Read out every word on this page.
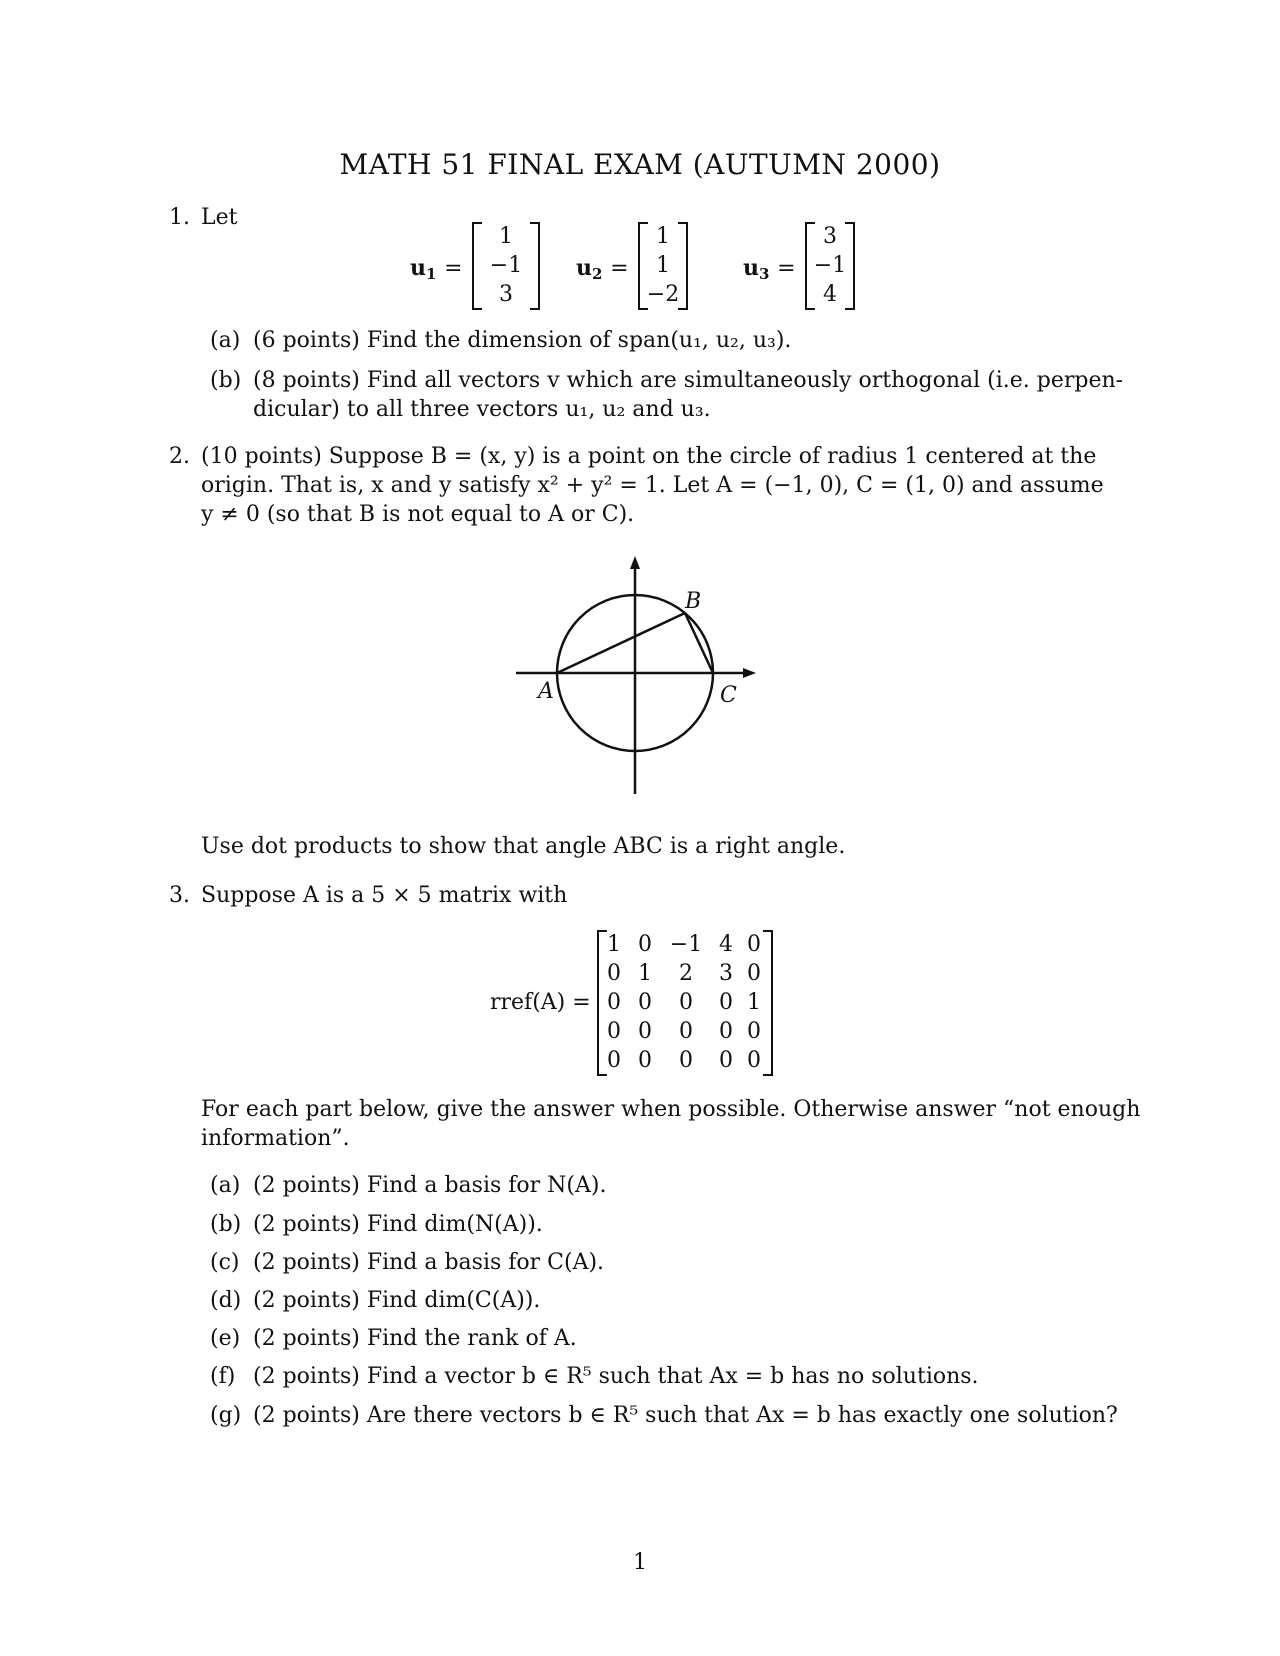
MATH 51 FINAL EXAM (AUTUMN 2000)
1. Let
$u_1$ =
1
−1
3
$u_2$ =
1
1
−2
$u_3$ =
3
−1
4
(a) (6 points) Find the dimension of span(u₁, u₂, u₃).
(b) (8 points) Find all vectors v which are simultaneously orthogonal (i.e. perpen-
dicular) to all three vectors u₁, u₂ and u₃.
2. (10 points) Suppose B = (x, y) is a point on the circle of radius 1 centered at the
origin. That is, x and y satisfy x² + y² = 1. Let A = (−1, 0), C = (1, 0) and assume
y ≠ 0 (so that B is not equal to A or C).
A
B
C
Use dot products to show that angle ABC is a right angle.
3. Suppose A is a 5 × 5 matrix with
rref(A) =
1 0 −1 4 0
0 1	2	3 0
0 0	0	0 1
0 0	0	0 0
0 0	0	0 0
For each part below, give the answer when possible. Otherwise answer “not enough
information”.
(a) (2 points) Find a basis for N(A).
(b) (2 points) Find dim(N(A)).
(c) (2 points) Find a basis for C(A).
(d) (2 points) Find dim(C(A)).
(e) (2 points) Find the rank of A.
(f) (2 points) Find a vector b ∈ R⁵ such that Ax = b has no solutions.
(g) (2 points) Are there vectors b ∈ R⁵ such that Ax = b has exactly one solution?
1
